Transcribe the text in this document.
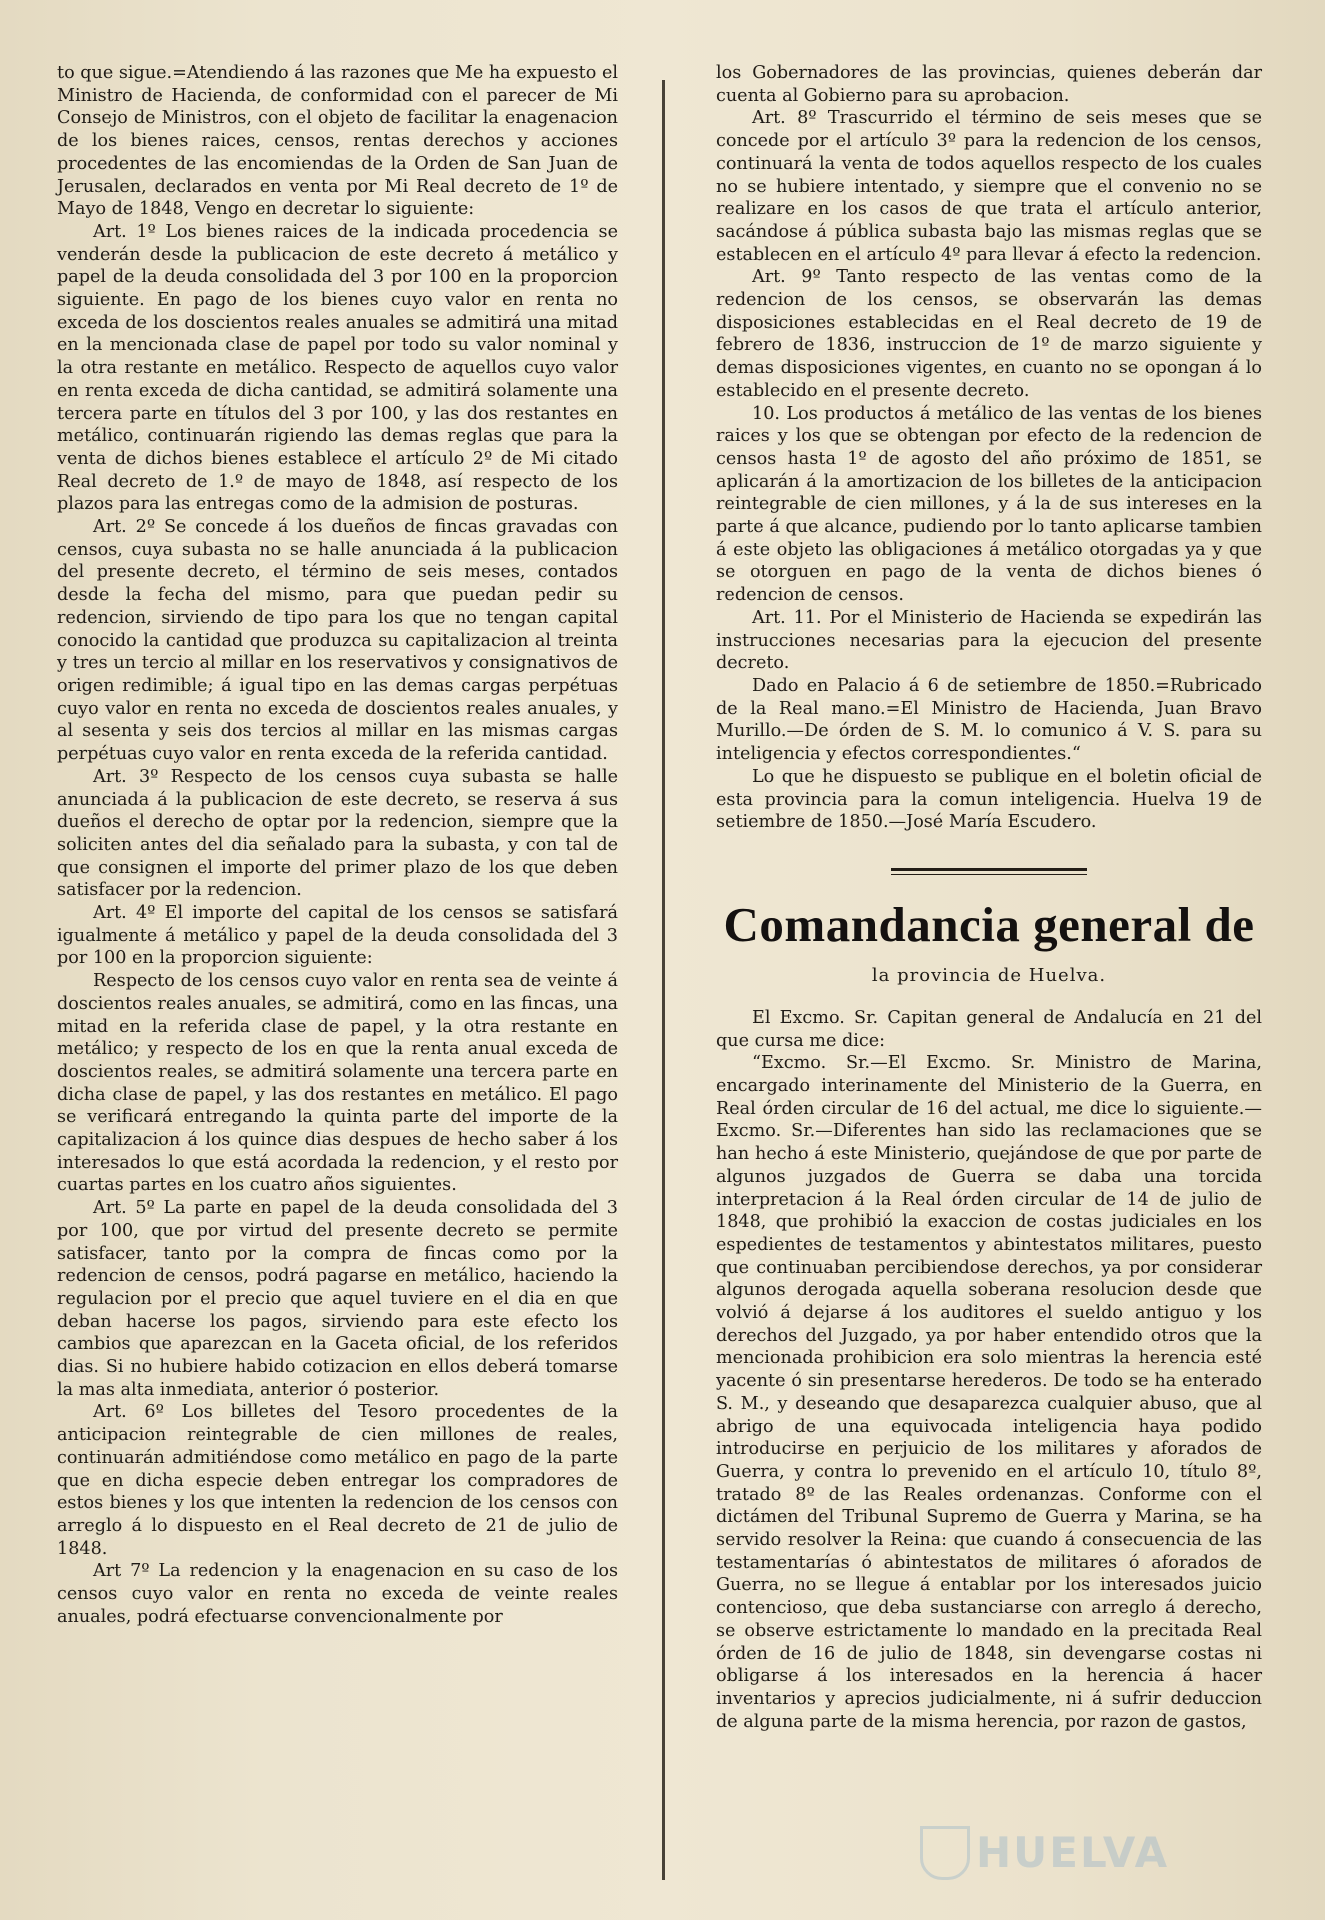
to que sigue.=Atendiendo á las razones que Me ha expuesto el Ministro de Hacienda, de conformidad con el parecer de Mi Consejo de Ministros, con el objeto de facilitar la enagenacion de los bienes raices, censos, rentas derechos y acciones procedentes de las encomiendas de la Orden de San Juan de Jerusalen, declarados en venta por Mi Real decreto de 1º de Mayo de 1848, Vengo en decretar lo siguiente:

Art. 1º Los bienes raices de la indicada procedencia se venderán desde la publicacion de este decreto á metálico y papel de la deuda consolidada del 3 por 100 en la proporcion siguiente. En pago de los bienes cuyo valor en renta no exceda de los doscientos reales anuales se admitirá una mitad en la mencionada clase de papel por todo su valor nominal y la otra restante en metálico. Respecto de aquellos cuyo valor en renta exceda de dicha cantidad, se admitirá solamente una tercera parte en títulos del 3 por 100, y las dos restantes en metálico, continuarán rigiendo las demas reglas que para la venta de dichos bienes establece el artículo 2º de Mi citado Real decreto de 1.º de mayo de 1848, así respecto de los plazos para las entregas como de la admision de posturas.

Art. 2º Se concede á los dueños de fincas gravadas con censos, cuya subasta no se halle anunciada á la publicacion del presente decreto, el término de seis meses, contados desde la fecha del mismo, para que puedan pedir su redencion, sirviendo de tipo para los que no tengan capital conocido la cantidad que produzca su capitalizacion al treinta y tres un tercio al millar en los reservativos y consignativos de origen redimible; á igual tipo en las demas cargas perpétuas cuyo valor en renta no exceda de doscientos reales anuales, y al sesenta y seis dos tercios al millar en las mismas cargas perpétuas cuyo valor en renta exceda de la referida cantidad.

Art. 3º Respecto de los censos cuya subasta se halle anunciada á la publicacion de este decreto, se reserva á sus dueños el derecho de optar por la redencion, siempre que la soliciten antes del dia señalado para la subasta, y con tal de que consignen el importe del primer plazo de los que deben satisfacer por la redencion.

Art. 4º El importe del capital de los censos se satisfará igualmente á metálico y papel de la deuda consolidada del 3 por 100 en la proporcion siguiente:

Respecto de los censos cuyo valor en renta sea de veinte á doscientos reales anuales, se admitirá, como en las fincas, una mitad en la referida clase de papel, y la otra restante en metálico; y respecto de los en que la renta anual exceda de doscientos reales, se admitirá solamente una tercera parte en dicha clase de papel, y las dos restantes en metálico. El pago se verificará entregando la quinta parte del importe de la capitalizacion á los quince dias despues de hecho saber á los interesados lo que está acordada la redencion, y el resto por cuartas partes en los cuatro años siguientes.

Art. 5º La parte en papel de la deuda consolidada del 3 por 100, que por virtud del presente decreto se permite satisfacer, tanto por la compra de fincas como por la redencion de censos, podrá pagarse en metálico, haciendo la regulacion por el precio que aquel tuviere en el dia en que deban hacerse los pagos, sirviendo para este efecto los cambios que aparezcan en la Gaceta oficial, de los referidos dias. Si no hubiere habido cotizacion en ellos deberá tomarse la mas alta inmediata, anterior ó posterior.

Art. 6º Los billetes del Tesoro procedentes de la anticipacion reintegrable de cien millones de reales, continuarán admitiéndose como metálico en pago de la parte que en dicha especie deben entregar los compradores de estos bienes y los que intenten la redencion de los censos con arreglo á lo dispuesto en el Real decreto de 21 de julio de 1848.

Art 7º La redencion y la enagenacion en su caso de los censos cuyo valor en renta no exceda de veinte reales anuales, podrá efectuarse convencionalmente por

los Gobernadores de las provincias, quienes deberán dar cuenta al Gobierno para su aprobacion.

Art. 8º Trascurrido el término de seis meses que se concede por el artículo 3º para la redencion de los censos, continuará la venta de todos aquellos respecto de los cuales no se hubiere intentado, y siempre que el convenio no se realizare en los casos de que trata el artículo anterior, sacándose á pública subasta bajo las mismas reglas que se establecen en el artículo 4º para llevar á efecto la redencion.

Art. 9º Tanto respecto de las ventas como de la redencion de los censos, se observarán las demas disposiciones establecidas en el Real decreto de 19 de febrero de 1836, instruccion de 1º de marzo siguiente y demas disposiciones vigentes, en cuanto no se opongan á lo establecido en el presente decreto.

10. Los productos á metálico de las ventas de los bienes raices y los que se obtengan por efecto de la redencion de censos hasta 1º de agosto del año próximo de 1851, se aplicarán á la amortizacion de los billetes de la anticipacion reintegrable de cien millones, y á la de sus intereses en la parte á que alcance, pudiendo por lo tanto aplicarse tambien á este objeto las obligaciones á metálico otorgadas ya y que se otorguen en pago de la venta de dichos bienes ó redencion de censos.

Art. 11. Por el Ministerio de Hacienda se expedirán las instrucciones necesarias para la ejecucion del presente decreto.

Dado en Palacio á 6 de setiembre de 1850.=Rubricado de la Real mano.=El Ministro de Hacienda, Juan Bravo Murillo.—De órden de S. M. lo comunico á V. S. para su inteligencia y efectos correspondientes.“

Lo que he dispuesto se publique en el boletin oficial de esta provincia para la comun inteligencia. Huelva 19 de setiembre de 1850.—José María Escudero.

Comandancia general de
la provincia de Huelva.

El Excmo. Sr. Capitan general de Andalucía en 21 del que cursa me dice:

“Excmo. Sr.—El Excmo. Sr. Ministro de Marina, encargado interinamente del Ministerio de la Guerra, en Real órden circular de 16 del actual, me dice lo siguiente.—Excmo. Sr.—Diferentes han sido las reclamaciones que se han hecho á este Ministerio, quejándose de que por parte de algunos juzgados de Guerra se daba una torcida interpretacion á la Real órden circular de 14 de julio de 1848, que prohibió la exaccion de costas judiciales en los espedientes de testamentos y abintestatos militares, puesto que continuaban percibiendose derechos, ya por considerar algunos derogada aquella soberana resolucion desde que volvió á dejarse á los auditores el sueldo antiguo y los derechos del Juzgado, ya por haber entendido otros que la mencionada prohibicion era solo mientras la herencia esté yacente ó sin presentarse herederos. De todo se ha enterado S. M., y deseando que desaparezca cualquier abuso, que al abrigo de una equivocada inteligencia haya podido introducirse en perjuicio de los militares y aforados de Guerra, y contra lo prevenido en el artículo 10, título 8º, tratado 8º de las Reales ordenanzas. Conforme con el dictámen del Tribunal Supremo de Guerra y Marina, se ha servido resolver la Reina: que cuando á consecuencia de las testamentarías ó abintestatos de militares ó aforados de Guerra, no se llegue á entablar por los interesados juicio contencioso, que deba sustanciarse con arreglo á derecho, se observe estrictamente lo mandado en la precitada Real órden de 16 de julio de 1848, sin devengarse costas ni obligarse á los interesados en la herencia á hacer inventarios y aprecios judicialmente, ni á sufrir deduccion de alguna parte de la misma herencia, por razon de gastos,

HUELVA
